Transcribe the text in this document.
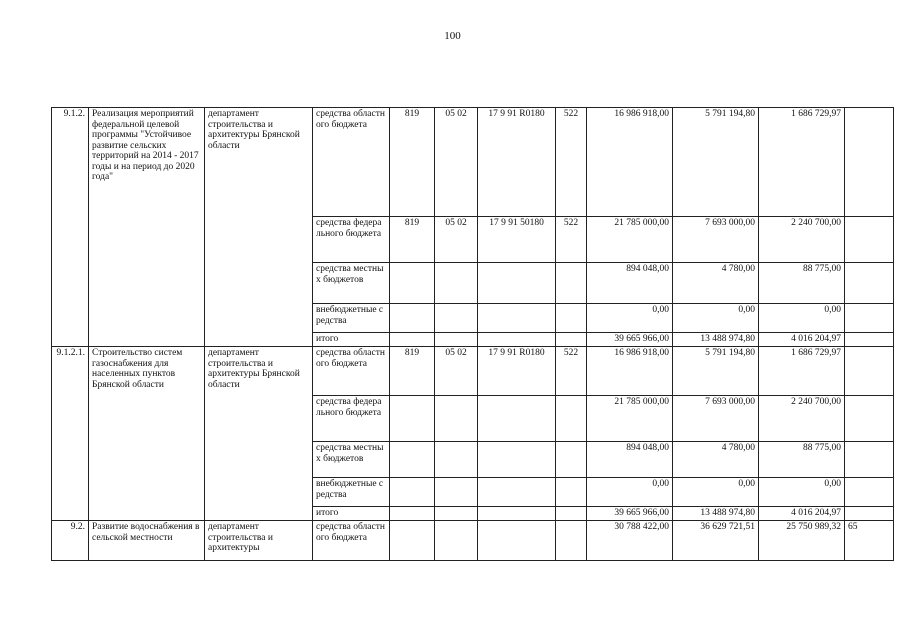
100
9.1.2.	Реализация мероприятий федеральной целевой программы "Устойчивое развитие сельских территорий на 2014 - 2017 годы и на период до 2020 года"	департамент строительства и архитектуры Брянской области	средства областного бюджета	819	05 02	17 9 91 R0180	522	16 986 918,00	5 791 194,80	1 686 729,97	
			средства федерального бюджета	819	05 02	17 9 91 50180	522	21 785 000,00	7 693 000,00	2 240 700,00	
			средства местных бюджетов					894 048,00	4 780,00	88 775,00	
			внебюджетные средства					0,00	0,00	0,00	
			итого					39 665 966,00	13 488 974,80	4 016 204,97	
9.1.2.1.	Строительство систем газоснабжения для населенных пунктов Брянской области	департамент строительства и архитектуры Брянской области	средства областного бюджета	819	05 02	17 9 91 R0180	522	16 986 918,00	5 791 194,80	1 686 729,97	
			средства федерального бюджета					21 785 000,00	7 693 000,00	2 240 700,00	
			средства местных бюджетов					894 048,00	4 780,00	88 775,00	
			внебюджетные средства					0,00	0,00	0,00	
			итого					39 665 966,00	13 488 974,80	4 016 204,97	
9.2.	Развитие водоснабжения в сельской местности	департамент строительства и архитектуры	средства областного бюджета					30 788 422,00	36 629 721,51	25 750 989,32	65
